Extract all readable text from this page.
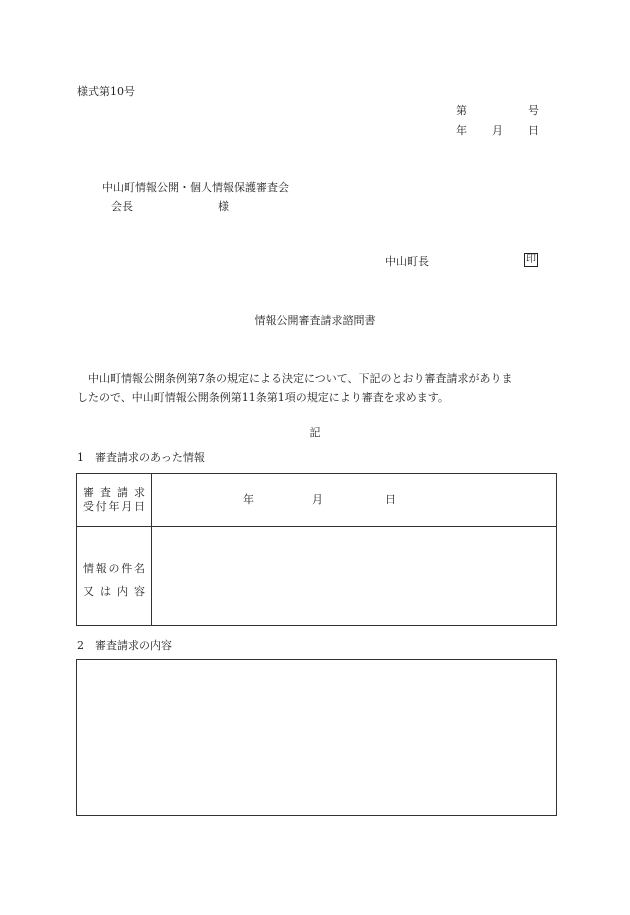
様式第10号
第	号
年 月 日
中山町情報公開・個人情報保護審査会
会長	様
中山町長	印
情報公開審査請求諮問書
中山町情報公開条例第7条の規定による決定について、下記のとおり審査請求がありま
したので、中山町情報公開条例第11条第1項の規定により審査を求めます。
記
1　審査請求のあった情報
審査請求
受付年月日
年	月	日
情報の件名
又は内容
2　審査請求の内容
